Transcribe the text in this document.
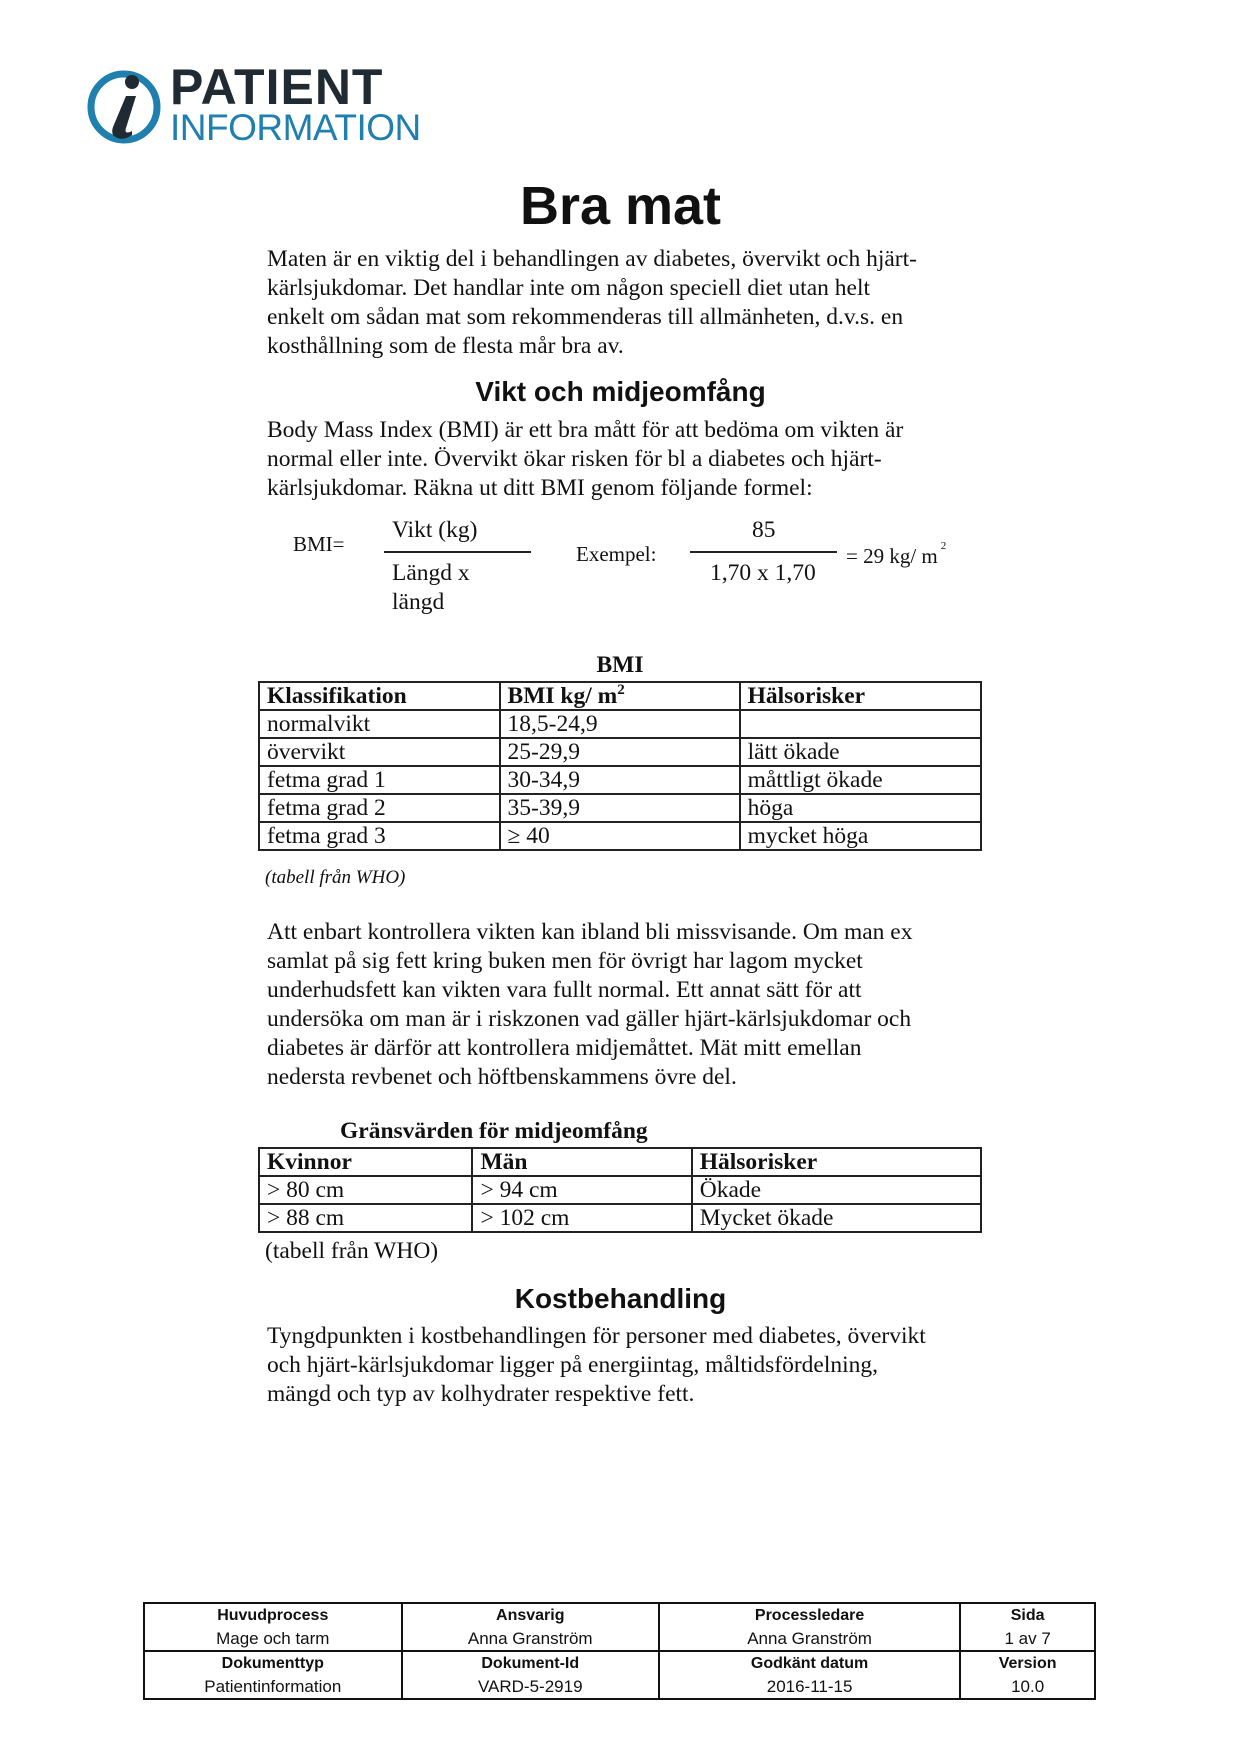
PATIENT
INFORMATION
Bra mat
Maten är en viktig del i behandlingen av diabetes, övervikt och hjärt-
kärlsjukdomar. Det handlar inte om någon speciell diet utan helt
enkelt om sådan mat som rekommenderas till allmänheten, d.v.s. en
kosthållning som de flesta mår bra av.
Vikt och midjeomfång
Body Mass Index (BMI) är ett bra mått för att bedöma om vikten är
normal eller inte. Övervikt ökar risken för bl a diabetes och hjärt-
kärlsjukdomar. Räkna ut ditt BMI genom följande formel:
BMI=
Vikt (kg)
Längd x
längd
Exempel:
85
1,70 x 1,70
= 29 kg/ m $^2$
BMI
Klassifikation	BMI kg/ $m^2$	Hälsorisker
normalvikt	18,5-24,9	
övervikt	25-29,9	lätt ökade
fetma grad 1	30-34,9	måttligt ökade
fetma grad 2	35-39,9	höga
fetma grad 3	≥ 40	mycket höga
(tabell från WHO)
Att enbart kontrollera vikten kan ibland bli missvisande. Om man ex
samlat på sig fett kring buken men för övrigt har lagom mycket
underhudsfett kan vikten vara fullt normal. Ett annat sätt för att
undersöka om man är i riskzonen vad gäller hjärt-kärlsjukdomar och
diabetes är därför att kontrollera midjemåttet. Mät mitt emellan
nedersta revbenet och höftbenskammens övre del.
Gränsvärden för midjeomfång
Kvinnor	Män	Hälsorisker
> 80 cm	> 94 cm	Ökade
> 88 cm	> 102 cm	Mycket ökade
(tabell från WHO)
Kostbehandling
Tyngdpunkten i kostbehandlingen för personer med diabetes, övervikt
och hjärt-kärlsjukdomar ligger på energiintag, måltidsfördelning,
mängd och typ av kolhydrater respektive fett.
Huvudprocess	Ansvarig	Processledare	Sida
Mage och tarm	Anna Granström	Anna Granström	1 av 7
Dokumenttyp	Dokument-Id	Godkänt datum	Version
Patientinformation	VARD-5-2919	2016-11-15	10.0
